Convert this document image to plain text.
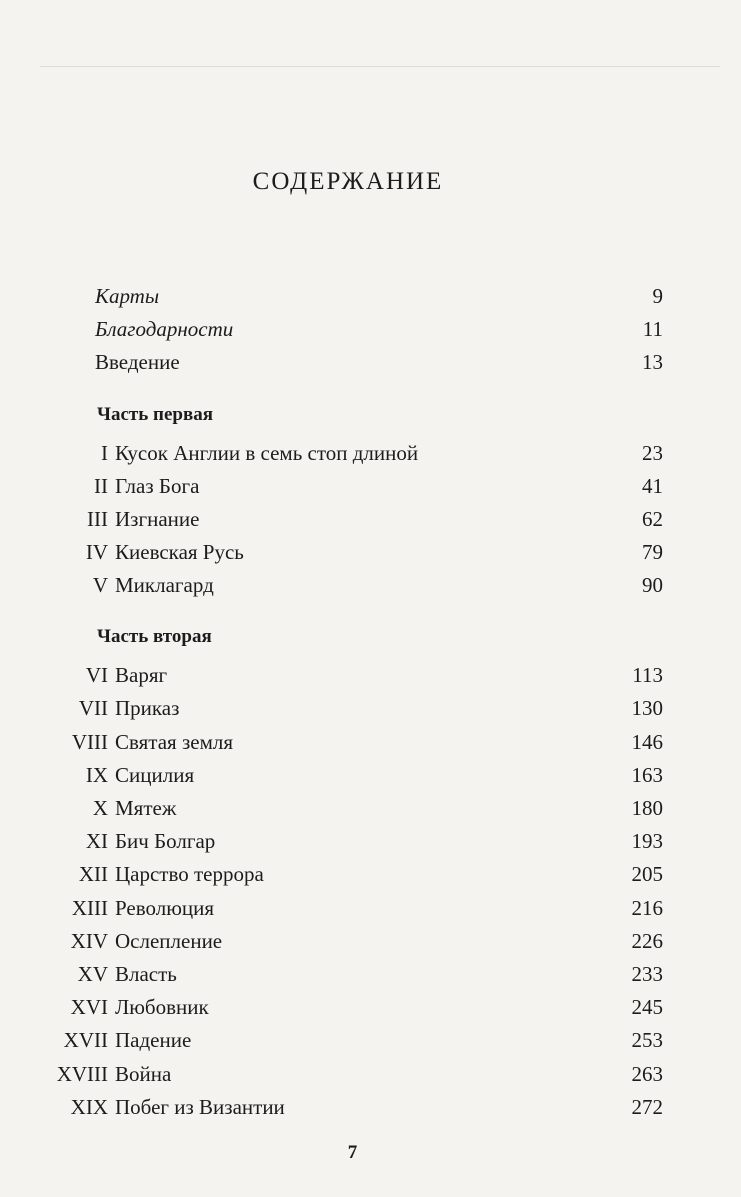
СОДЕРЖАНИЕ
Карты	9
Благодарности	11
Введение	13
Часть первая
I Кусок Англии в семь стоп длиной	23
II Глаз Бога	41
III Изгнание	62
IV Киевская Русь	79
V Миклагард	90
Часть вторая
VI Варяг	113
VII Приказ	130
VIII Святая земля	146
IX Сицилия	163
X Мятеж	180
XI Бич Болгар	193
XII Царство террора	205
XIII Революция	216
XIV Ослепление	226
XV Власть	233
XVI Любовник	245
XVII Падение	253
XVIII Война	263
XIX Побег из Византии	272
7
